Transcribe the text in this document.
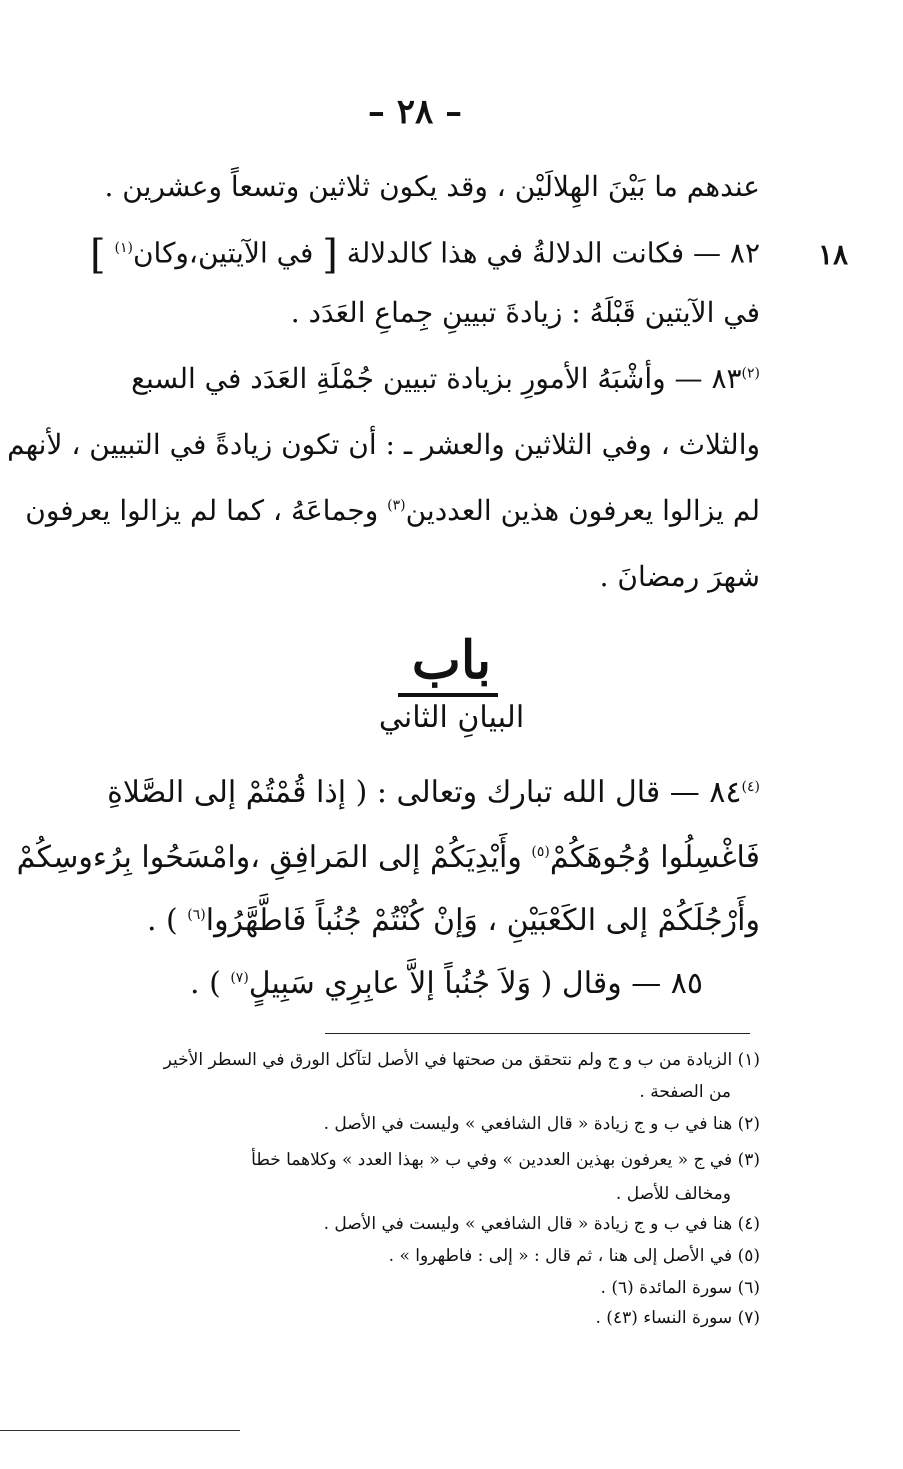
– ٢٨ –
١٨
عندهم ما بَيْنَ الهِلالَيْن ، وقد يكون ثلاثين وتسعاً وعشرين .
٨٢ — فكانت الدلالةُ في هذا كالدلالة [ في الآيتين،وكان$^{(١)}$ ]
في الآيتين قَبْلَهُ : زيادةَ تبيينِ جِماعِ العَدَد .
$^{(٢)}$٨٣ — وأشْبَهُ الأمورِ بزيادة تبيين جُمْلَةِ العَدَد في السبع
والثلاث ، وفي الثلاثين والعشر ـ : أن تكون زيادةً في التبيين ، لأنهم
لم يزالوا يعرفون هذين العددين$^{(٣)}$ وجماعَهُ ، كما لم يزالوا يعرفون
شهرَ رمضانَ .
باب
البيانِ الثاني
$^{(٤)}$٨٤ — قال الله تبارك وتعالى : ( إذا قُمْتُمْ إلى الصَّلاةِ
فَاغْسِلُوا وُجُوهَكُمْ$^{(٥)}$ وأَيْدِيَكُمْ إلى المَرافِقِ ،وامْسَحُوا بِرُءوسِكُمْ
وأَرْجُلَكُمْ إلى الكَعْبَيْنِ ، وَإنْ كُنْتُمْ جُنُباً فَاطَّهَّرُوا$^{(٦)}$ ) .
٨٥ — وقال ( وَلاَ جُنُباً إلاَّ عابِرِي سَبِيلٍ$^{(٧)}$ ) .
(١) الزيادة من ب و ج ولم نتحقق من صحتها في الأصل لتآكل الورق في السطر الأخير
من الصفحة .
(٢) هنا في ب و ج زيادة « قال الشافعي » وليست في الأصل .
(٣) في ج « يعرفون بهذين العددين » وفي ب « بهذا العدد » وكلاهما خطأ
ومخالف للأصل .
(٤) هنا في ب و ج زيادة « قال الشافعي » وليست في الأصل .
(٥) في الأصل إلى هنا ، ثم قال : « إلى : فاطهروا » .
(٦) سورة المائدة (٦) .
(٧) سورة النساء (٤٣) .
